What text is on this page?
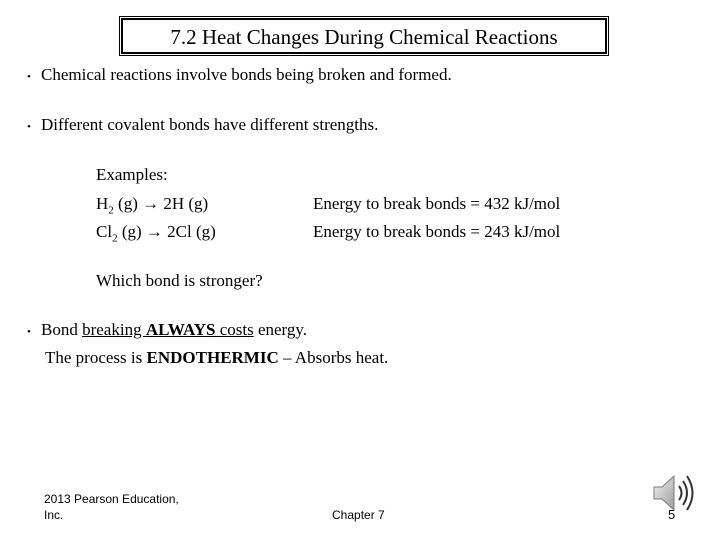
7.2 Heat Changes During Chemical Reactions
• Chemical reactions involve bonds being broken and formed.
• Different covalent bonds have different strengths.
Examples:
$H_2$ (g) → 2H (g)	Energy to break bonds = 432 kJ/mol
$Cl_2$ (g) → 2Cl (g)	Energy to break bonds = 243 kJ/mol
Which bond is stronger?
• Bond breaking ALWAYS costs energy.
The process is ENDOTHERMIC – Absorbs heat.
2013 Pearson Education,
Inc.	Chapter 7	5
